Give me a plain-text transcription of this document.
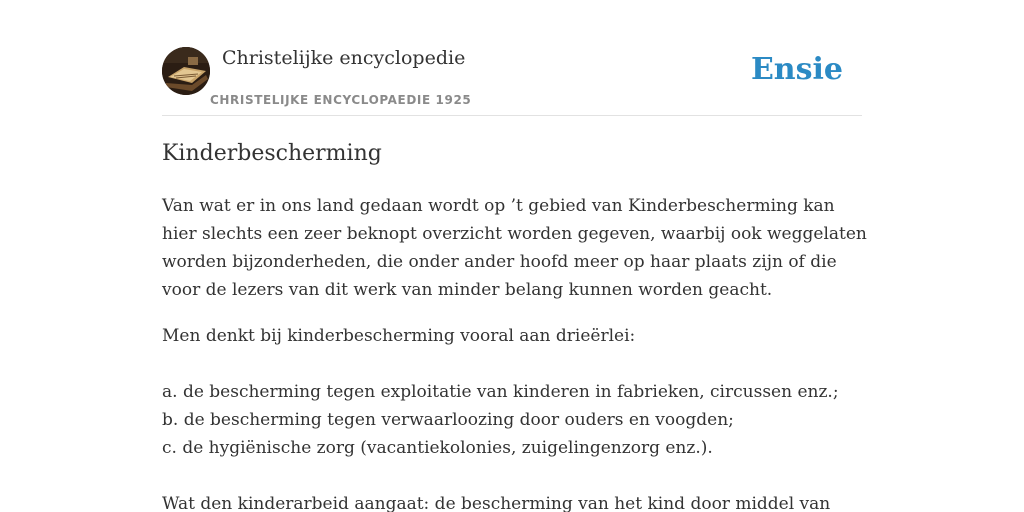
Christelijke encyclopedie
CHRISTELIJKE ENCYCLOPAEDIE 1925
Ensie
Kinderbescherming

Van wat er in ons land gedaan wordt op ’t gebied van Kinderbescherming kan
hier slechts een zeer beknopt overzicht worden gegeven, waarbij ook weggelaten
worden bijzonderheden, die onder ander hoofd meer op haar plaats zijn of die
voor de lezers van dit werk van minder belang kunnen worden geacht.

Men denkt bij kinderbescherming vooral aan drieërlei:

a. de bescherming tegen exploitatie van kinderen in fabrieken, circussen enz.;
b. de bescherming tegen verwaarloozing door ouders en voogden;
c. de hygiënische zorg (vacantiekolonies, zuigelingenzorg enz.).

Wat den kinderarbeid aangaat: de bescherming van het kind door middel van
